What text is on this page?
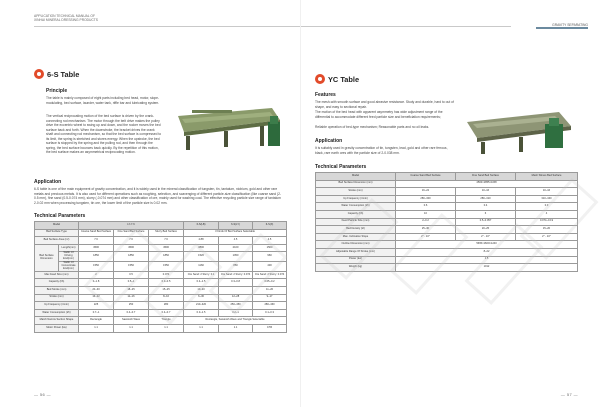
APPLICATION TECHNICAL MANUAL OF
XINHAI MINERAL DRESSING PRODUCTS
6-S Table
Principle

The table is mainly composed of eight parts including bed head, motor, slope-modulating, bed surface, launder, water tank, riffle bar and lubricating system.

The vertical reciprocating motion of the bed surface is driven by the crank-connecting rod mechanism. The motor through the belt drive makes the pulley drive the eccentric wheel to swing up and down, and the rocker moves the bed surface back and forth. When the downstroke, the bracket drives the crank shaft and connecting rod mechanism, so that the bed surface is compressed to its limit, the spring is stretched and stores energy. When the upstroke, the bed surface is stopped by the spring and the pulling rod, and then through the spring, the bed surface bounces back quickly. By the repetition of this motion, the bed surface makes an asymmetrical reciprocating motion.

Application

6-S table is one of the main equipment of gravity concentration, and it is widely used in the mineral classification of tungsten, tin, tantalum, niobium, gold and other rare metals and precious metals. It is also used for different operations such as roughing, selection, and scavenging of different particle-size classification (like coarse sand (2-0.5 mm), fine sand (0.5-0.074 mm), slurry (-0.074 mm) and other classification of ore, mainly used for washing coal. The effective recycling particle size range of tantalum 2-0.02 mm when processing tungsten, tin ore, the lower limit of the particle size is 0.02 mm.

Technical Parameters
Model		LY-7.6			6-S(LB)	6-S(LY)	6-S(X)
Bed Surface Type		Coarse Sand Bed Surface	Fine Sand Bed Surface	Slurry Bed Surface	3 Kinds Of Bed Surface Selectable		
Bed Surface Area (m²)		7.6	7.6	7.6	4.88	4.5	4.5
Bed Surface Dimension	Length(mm)	4500	4500	4500	3800	2100	1500
	Width Of Driving End(mm)	1850	1850	1850	1520	1050	960
	Width Of Concentrate End(mm)	1550	1550	1550	1160	850	430
Max Feed Size (mm)		2	0.5	0.074	Ore Sand: 2 Slurry: 0.1	Ore Sand: 2 Slurry: 0.074	Ore Sand: 2 Slurry: 0.074
Capacity (t/h)		0~1.8	0.5~1	0.3~0.5	0.4~1.5	0.3~0.8	0.05~0.2
Bed Stroke (mm)		20~30	18~25	15~25	10~30		11~20
Stroke (mm)		16~22	11~16	8~16	6~30	12~28	9~17
Up Frequency (r/min)		225	250	280	210~320	250~450	280~460
Water Consumption (t/h)		0.7~1	0.4~0.7	0.4~0.7	0.3~1.5	0.2~1	0.1~0.3
Match Narrow Section Shape		Rectangle	Sawtooth Wave	Triangle	Rectangle, Sawtooth Wave and Triangle Selectable		
Motor Power (kw)		1.1	1.1	1.1	1.1	1.1	0.55
— 56 —
GRAVITY SEPARATING
YC Table
Features

The mesh-with smooth surface and good abrasive resistance. Study and durable, hard to out of shape, and easy to sectional repair.

The motion of the bed head with apparent asymmetry has wide adjustment range of the differential to accommodate different feed particle size and beneficiation requirements;

Reliable operation of bed-type mechanism; Reasonable parts and no oil leaks.

Application

It is suitably used in gravity concentration of tin, tungsten, lead, gold and other rare ferrous, black, rare earth ores with the particle size of 2-0.038 mm.

Technical Parameters
Model	Coarse Sand Bed Surface	Fine Sand Bed Surface	Mesh Slimes Bed Surface
Bed Surface Dimension (mm)	4500×1855×1158		
Stroke (mm)	16~22	10~16	10~16
Up Frequency (r/min)	280~300	280~310	310~340
Water Consumption (t/h)	0.6	0.4	0.3
Capacity (t/h)	10	6	4
Feed Particle Size (mm)	2~0.2	0.5~0.057	0.074~0.19
Bed Density (t/t)	25~30	20~25	15~20
Max. Inclination Slope	2° - 10°	2° - 10°	2° - 10°
Outline Dimension (mm)	5665×1820×1240		
Adjustable Range Of Stroke (mm)	8~22		
Power (kw)	1.5		
Weight (kg)	1012		
— 57 —
